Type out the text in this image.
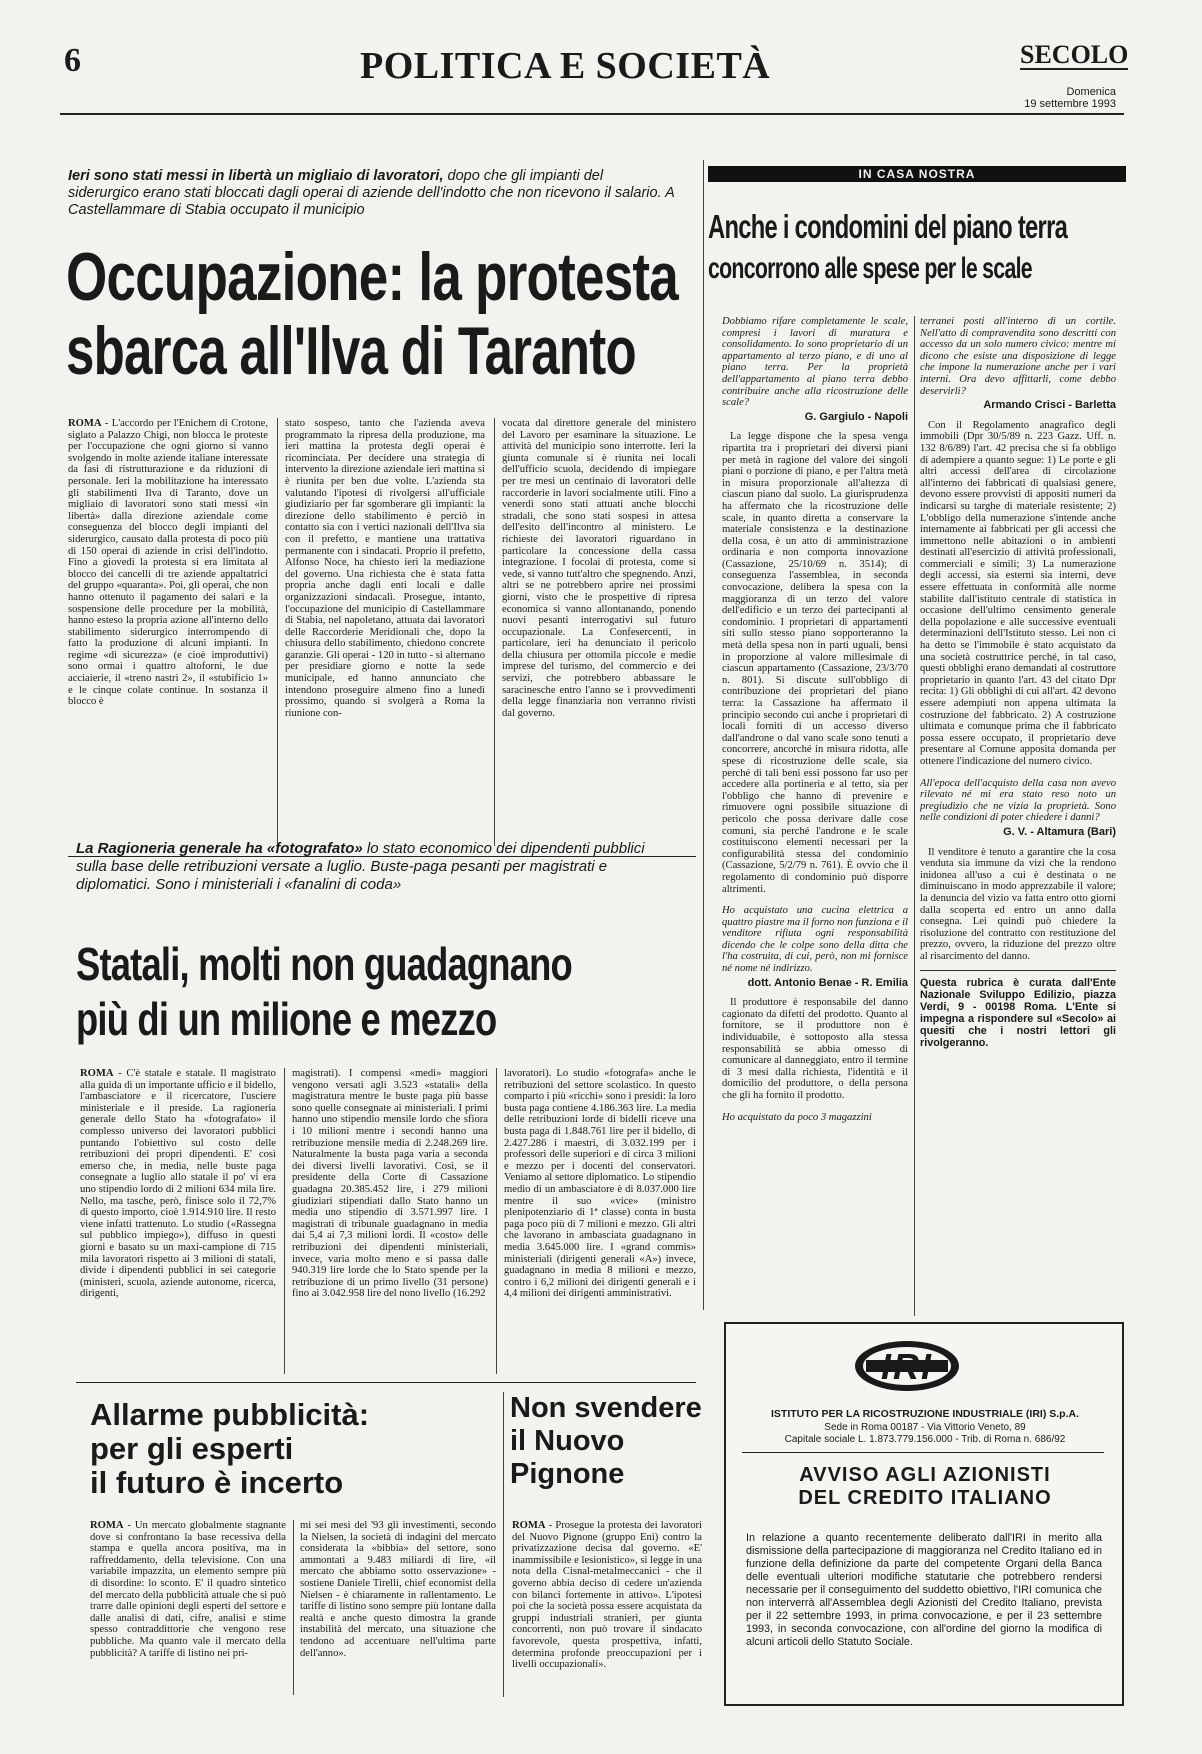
6	POLITICA E SOCIETÀ	SECOLO
Domenica
19 settembre 1993
Ieri sono stati messi in libertà un migliaio di lavoratori, dopo che gli impianti del siderurgico erano stati bloccati dagli operai di aziende dell'indotto che non ricevono il salario. A Castellammare di Stabia occupato il municipio
Occupazione: la protesta
sbarca all'Ilva di Taranto

ROMA - L'accordo per l'Enichem di Crotone, siglato a Palazzo Chigi, non blocca le proteste per l'occupazione che ogni giorno si vanno svolgendo in molte aziende italiane interessate da fasi di ristrutturazione e da riduzioni di personale. Ieri la mobilitazione ha interessato gli stabilimenti Ilva di Taranto, dove un migliaio di lavoratori sono stati messi «in libertà» dalla direzione aziendale come conseguenza del blocco degli impianti del siderurgico, causato dalla protesta di poco più di 150 operai di aziende in crisi dell'indotto. Fino a giovedì la protesta si era limitata al blocco dei cancelli di tre aziende appaltatrici del gruppo «quaranta». Poi, gli operai, che non hanno ottenuto il pagamento dei salari e la sospensione delle procedure per la mobilità, hanno esteso la propria azione all'interno dello stabilimento siderurgico interrompendo di fatto la produzione di alcuni impianti. In regime «di sicurezza» (e cioè improduttivi) sono ormai i quattro altoforni, le due acciaierie, il «treno nastri 2», il «stubificio 1» e le cinque colate continue. In sostanza il blocco è

stato sospeso, tanto che l'azienda aveva programmato la ripresa della produzione, ma ieri mattina la protesta degli operai è ricominciata. Per decidere una strategia di intervento la direzione aziendale ieri mattina si è riunita per ben due volte. L'azienda sta valutando l'ipotesi di rivolgersi all'ufficiale giudiziario per far sgomberare gli impianti: la direzione dello stabilimento è perciò in contatto sia con i vertici nazionali dell'Ilva sia con il prefetto, e mantiene una trattativa permanente con i sindacati. Proprio il prefetto, Alfonso Noce, ha chiesto ieri la mediazione del governo. Una richiesta che è stata fatta propria anche dagli enti locali e dalle organizzazioni sindacali. Prosegue, intanto, l'occupazione del municipio di Castellammare di Stabia, nel napoletano, attuata dai lavoratori delle Raccorderie Meridionali che, dopo la chiusura dello stabilimento, chiedono concrete garanzie. Gli operai - 120 in tutto - si alternano per presidiare giorno e notte la sede municipale, ed hanno annunciato che intendono proseguire almeno fino a lunedì prossimo, quando si svolgerà a Roma la riunione con-

vocata dal direttore generale del ministero del Lavoro per esaminare la situazione. Le attività del municipio sono interrotte. Ieri la giunta comunale si è riunita nei locali dell'ufficio scuola, decidendo di impiegare per tre mesi un centinaio di lavoratori delle raccorderie in lavori socialmente utili. Fino a venerdì sono stati attuati anche blocchi stradali, che sono stati sospesi in attesa dell'esito dell'incontro al ministero. Le richieste dei lavoratori riguardano in particolare la concessione della cassa integrazione. I focolai di protesta, come si vede, si vanno tutt'altro che spegnendo. Anzi, altri se ne potrebbero aprire nei prossimi giorni, visto che le prospettive di ripresa economica si vanno allontanando, ponendo nuovi pesanti interrogativi sul futuro occupazionale. La Confesercenti, in particolare, ieri ha denunciato il pericolo della chiusura per ottomila piccole e medie imprese del turismo, del commercio e dei servizi, che potrebbero abbassare le saracinesche entro l'anno se i provvedimenti della legge finanziaria non verranno rivisti dal governo.

La Ragioneria generale ha «fotografato» lo stato economico dei dipendenti pubblici sulla base delle retribuzioni versate a luglio. Buste-paga pesanti per magistrati e diplomatici. Sono i ministeriali i «fanalini di coda»
Statali, molti non guadagnano
più di un milione e mezzo

ROMA - C'è statale e statale. Il magistrato alla guida di un importante ufficio e il bidello, l'ambasciatore e il ricercatore, l'usciere ministeriale e il preside. La ragioneria generale dello Stato ha «fotografato» il complesso universo dei lavoratori pubblici puntando l'obiettivo sul costo delle retribuzioni dei propri dipendenti. E' così emerso che, in media, nelle buste paga consegnate a luglio allo statale il po' vi era uno stipendio lordo di 2 milioni 634 mila lire. Nello, ma tasche, però, finisce solo il 72,7% di questo importo, cioè 1.914.910 lire. Il resto viene infatti trattenuto. Lo studio («Rassegna sul pubblico impiego»), diffuso in questi giorni e basato su un maxi-campione di 715 mila lavoratori rispetto ai 3 milioni di statali, divide i dipendenti pubblici in sei categorie (ministeri, scuola, aziende autonome, ricerca, dirigenti,

magistrati). I compensi «medi» maggiori vengono versati agli 3.523 «statali» della magistratura mentre le buste paga più basse sono quelle consegnate ai ministeriali. I primi hanno uno stipendio mensile lordo che sfiora i 10 milioni mentre i secondi hanno una retribuzione mensile media di 2.248.269 lire. Naturalmente la busta paga varia a seconda dei diversi livelli lavorativi. Così, se il presidente della Corte di Cassazione guadagna 20.385.452 lire, i 279 milioni giudiziari stipendiati dallo Stato hanno un media uno stipendio di 3.571.997 lire. I magistrati di tribunale guadagnano in media dai 5,4 ai 7,3 milioni lordi. Il «costo» delle retribuzioni dei dipendenti ministeriali, invece, varia molto meno e si passa dalle 940.319 lire lorde che lo Stato spende per la retribuzione di un primo livello (31 persone) fino ai 3.042.958 lire del nono livello (16.292

lavoratori). Lo studio «fotografa» anche le retribuzioni del settore scolastico. In questo comparto i più «ricchi» sono i presidi: la loro busta paga contiene 4.186.363 lire. La media delle retribuzioni lorde di bidelli riceve una busta paga di 1.848.761 lire per il bidello, di 2.427.286 i maestri, di 3.032.199 per i professori delle superiori e di circa 3 milioni e mezzo per i docenti del conservatori. Veniamo al settore diplomatico. Lo stipendio medio di un ambasciatore è di 8.037.000 lire mentre il suo «vice» (ministro plenipotenziario di 1ª classe) conta in busta paga poco più di 7 milioni e mezzo. Gli altri che lavorano in ambasciata guadagnano in media 3.645.000 lire. I «grand commis» ministeriali (dirigenti generali «A») invece, guadagnano in media 8 milioni e mezzo, contro i 6,2 milioni dei dirigenti generali e i 4,4 milioni dei dirigenti amministrativi.

Allarme pubblicità:
per gli esperti
il futuro è incerto

ROMA - Un mercato globalmente stagnante dove si confrontano la base recessiva della stampa e quella ancora positiva, ma in raffreddamento, della televisione. Con una variabile impazzita, un elemento sempre più di disordine: lo sconto. E' il quadro sintetico del mercato della pubblicità attuale che si può trarre dalle opinioni degli esperti del settore e dalle analisi di dati, cifre, analisi e stime spesso contraddittorie che vengono rese pubbliche. Ma quanto vale il mercato della pubblicità? A tariffe di listino nei pri-

mi sei mesi del '93 gli investimenti, secondo la Nielsen, la società di indagini del mercato considerata la «bibbia» del settore, sono ammontati a 9.483 miliardi di lire, «il mercato che abbiamo sotto osservazione» - sostiene Daniele Tirelli, chief economist della Nielsen - è chiaramente in rallentamento. Le tariffe di listino sono sempre più lontane dalla realtà e anche questo dimostra la grande instabilità del mercato, una situazione che tendono ad accentuare nell'ultima parte dell'anno».

Non svendere
il Nuovo
Pignone

ROMA - Prosegue la protesta dei lavoratori del Nuovo Pignone (gruppo Eni) contro la privatizzazione decisa dal governo. «E' inammissibile e lesionistico», si legge in una nota della Cisnal-metalmeccanici - che il governo abbia deciso di cedere un'azienda con bilanci fortemente in attivo». L'ipotesi poi che la società possa essere acquistata da gruppi industriali stranieri, per giunta concorrenti, non può trovare il sindacato favorevole, questa prospettiva, infatti, determina profonde preoccupazioni per i livelli occupazionali».

IN CASA NOSTRA
Anche i condomini del piano terra
concorrono alle spese per le scale

Dobbiamo rifare completamente le scale, compresi i lavori di muratura e consolidamento. Io sono proprietario di un appartamento al terzo piano, e di uno al piano terra. Per la proprietà dell'appartamento al piano terra debbo contribuire anche alla ricostruzione delle scale?

G. Gargiulo - Napoli

La legge dispone che la spesa venga ripartita tra i proprietari dei diversi piani per metà in ragione del valore dei singoli piani o porzione di piano, e per l'altra metà in misura proporzionale all'altezza di ciascun piano dal suolo. La giurisprudenza ha affermato che la ricostruzione delle scale, in quanto diretta a conservare la materiale consistenza e la destinazione della cosa, è un atto di amministrazione ordinaria e non comporta innovazione (Cassazione, 25/10/69 n. 3514); di conseguenza l'assemblea, in seconda convocazione, delibera la spesa con la maggioranza di un terzo del valore dell'edificio e un terzo dei partecipanti al condominio. I proprietari di appartamenti siti sullo stesso piano sopporteranno la metà della spesa non in parti uguali, bensì in proporzione al valore millesimale di ciascun appartamento (Cassazione, 23/3/70 n. 801). Si discute sull'obbligo di contribuzione dei proprietari del piano terra: la Cassazione ha affermato il principio secondo cui anche i proprietari di locali forniti di un accesso diverso dall'androne o dal vano scale sono tenuti a concorrere, ancorché in misura ridotta, alle spese di ricostruzione delle scale, sia perché di tali beni essi possono far uso per accedere alla portineria e al tetto, sia per l'obbligo che hanno di prevenire e rimuovere ogni possibile situazione di pericolo che possa derivare dalle cose comuni, sia perché l'androne e le scale costituiscono elementi necessari per la configurabilità stessa del condominio (Cassazione, 5/2/79 n. 761). È ovvio che il regolamento di condominio può disporre altrimenti.

Ho acquistato una cucina elettrica a quattro piastre ma il forno non funziona e il venditore rifiuta ogni responsabilità dicendo che le colpe sono della ditta che l'ha costruita, di cui, però, non mi fornisce né nome né indirizzo.

dott. Antonio Benae - R. Emilia

Il produttore è responsabile del danno cagionato da difetti del prodotto. Quanto al fornitore, se il produttore non è individuabile, è sottoposto alla stessa responsabilità se abbia omesso di comunicare al danneggiato, entro il termine di 3 mesi dalla richiesta, l'identità e il domicilio del produttore, o della persona che gli ha fornito il prodotto.

Ho acquistato da poco 3 magazzini

terranei posti all'interno di un cortile. Nell'atto di compravendita sono descritti con accesso da un solo numero civico: mentre mi dicono che esiste una disposizione di legge che impone la numerazione anche per i vari interni. Ora devo affittarli, come debbo deservirli?

Armando Crisci - Barletta

Con il Regolamento anagrafico degli immobili (Dpr 30/5/89 n. 223 Gazz. Uff. n. 132 8/6/89) l'art. 42 precisa che si fa obbligo di adempiere a quanto segue: 1) Le porte e gli altri accessi dell'area di circolazione all'interno dei fabbricati di qualsiasi genere, devono essere provvisti di appositi numeri da indicarsi su targhe di materiale resistente; 2) L'obbligo della numerazione s'intende anche internamente ai fabbricati per gli accessi che immettono nelle abitazioni o in ambienti destinati all'esercizio di attività professionali, commerciali e simili; 3) La numerazione degli accessi, sia esterni sia interni, deve essere effettuata in conformità alle norme stabilite dall'istituto centrale di statistica in occasione dell'ultimo censimento generale della popolazione e alle successive eventuali determinazioni dell'Istituto stesso. Lei non ci ha detto se l'immobile è stato acquistato da una società costruttrice perché, in tal caso, questi obblighi erano demandati al costruttore proprietario in quanto l'art. 43 del citato Dpr recita: 1) Gli obblighi di cui all'art. 42 devono essere adempiuti non appena ultimata la costruzione del fabbricato. 2) A costruzione ultimata e comunque prima che il fabbricato possa essere occupato, il proprietario deve presentare al Comune apposita domanda per ottenere l'indicazione del numero civico.

All'epoca dell'acquisto della casa non avevo rilevato né mi era stato reso noto un pregiudizio che ne vizia la proprietà. Sono nelle condizioni di poter chiedere i danni?

G. V. - Altamura (Bari)

Il venditore è tenuto a garantire che la cosa venduta sia immune da vizi che la rendono inidonea all'uso a cui è destinata o ne diminuiscano in modo apprezzabile il valore; la denuncia del vizio va fatta entro otto giorni dalla scoperta ed entro un anno dalla consegna. Lei quindi può chiedere la risoluzione del contratto con restituzione del prezzo, ovvero, la riduzione del prezzo oltre al risarcimento del danno.

Questa rubrica è curata dall'Ente Nazionale Sviluppo Edilizio, piazza Verdi, 9 - 00198 Roma. L'Ente si impegna a rispondere sul «Secolo» ai quesiti che i nostri lettori gli rivolgeranno.

IRI
ISTITUTO PER LA RICOSTRUZIONE INDUSTRIALE (IRI) S.p.A.
Sede in Roma 00187 - Via Vittorio Veneto, 89
Capitale sociale L. 1.873.779.156.000 - Trib. di Roma n. 686/92
AVVISO AGLI AZIONISTI
DEL CREDITO ITALIANO
In relazione a quanto recentemente deliberato dall'IRI in merito alla dismissione della partecipazione di maggioranza nel Credito Italiano ed in funzione della definizione da parte del competente Organi della Banca delle eventuali ulteriori modifiche statutarie che potrebbero rendersi necessarie per il conseguimento del suddetto obiettivo, l'IRI comunica che non interverrà all'Assemblea degli Azionisti del Credito Italiano, prevista per il 22 settembre 1993, in prima convocazione, e per il 23 settembre 1993, in seconda convocazione, con all'ordine del giorno la modifica di alcuni articoli dello Statuto Sociale.
